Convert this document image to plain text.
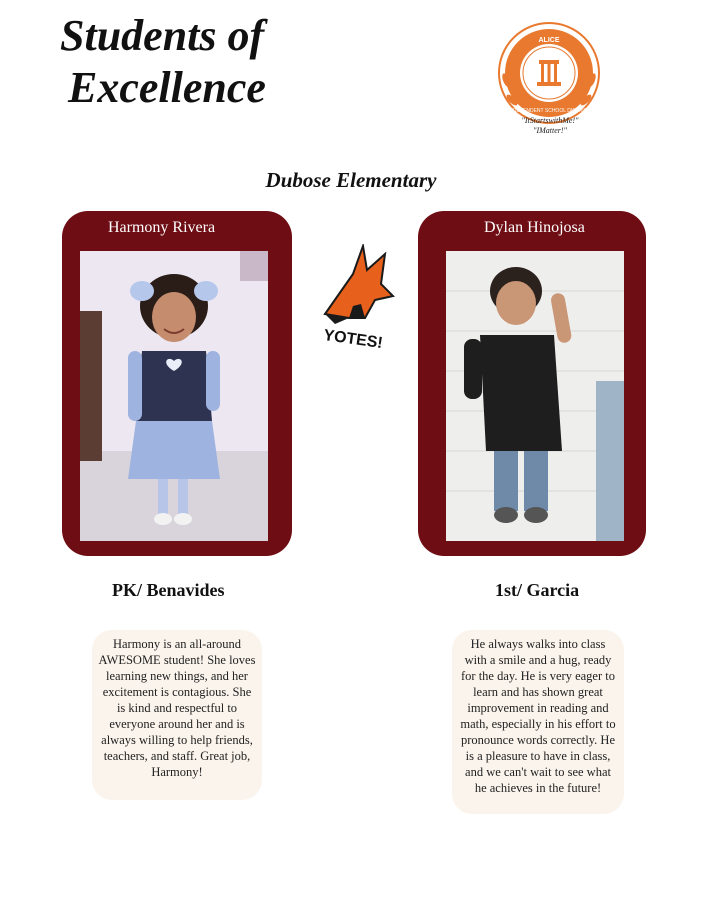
Students of
Excellence
ALICE
INDEPENDENT SCHOOL DISTRICT
"ItStartswithMe!"
"IMatter!"
Dubose Elementary
Harmony Rivera
YOTES!
Dylan Hinojosa
PK/ Benavides	1st/ Garcia
Harmony is an all-around AWESOME student! She loves learning new things, and her excitement is contagious. She is kind and respectful to everyone around her and is always willing to help friends, teachers, and staff. Great job, Harmony!
He always walks into class with a smile and a hug, ready for the day. He is very eager to learn and has shown great improvement in reading and math, especially in his effort to pronounce words correctly. He is a pleasure to have in class, and we can't wait to see what he achieves in the future!
